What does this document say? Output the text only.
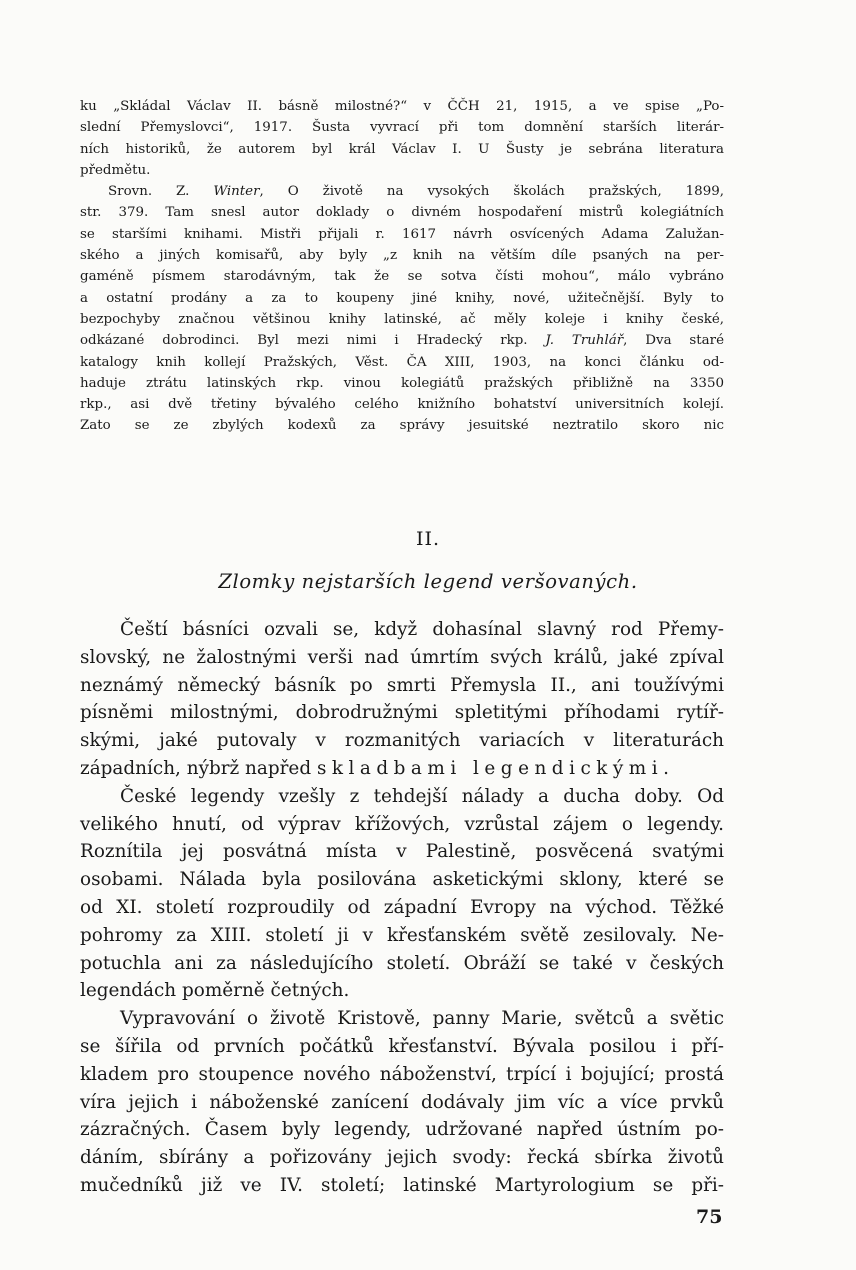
ku „Skládal Václav II. básně milostné?“ v ČČH 21, 1915, a ve spise „Po-
slední Přemyslovci“, 1917. Šusta vyvrací při tom domnění starších literár-
ních historiků, že autorem byl král Václav I. U Šusty je sebrána literatura
předmětu.

Srovn. Z. Winter, O životě na vysokých školách pražských, 1899,
str. 379. Tam snesl autor doklady o divném hospodaření mistrů kolegiátních
se staršími knihami. Mistři přijali r. 1617 návrh osvícených Adama Zalužan-
ského a jiných komisařů, aby byly „z knih na větším díle psaných na per-
gaméně písmem starodávným, tak že se sotva čísti mohou“, málo vybráno
a ostatní prodány a za to koupeny jiné knihy, nové, užitečnější. Byly to
bezpochyby značnou většinou knihy latinské, ač měly koleje i knihy české,
odkázané dobrodinci. Byl mezi nimi i Hradecký rkp. J. Truhlář, Dva staré
katalogy knih kollejí Pražských, Věst. ČA XIII, 1903, na konci článku od-
haduje ztrátu latinských rkp. vinou kolegiátů pražských přibližně na 3350
rkp., asi dvě třetiny bývalého celého knižního bohatství universitních kolejí.
Zato se ze zbylých kodexů za správy jesuitské neztratilo skoro nic

II.
Zlomky nejstarších legend veršovaných.
Čeští básníci ozvali se, když dohasínal slavný rod Přemy-
slovský, ne žalostnými verši nad úmrtím svých králů, jaké zpíval
neznámý německý básník po smrti Přemysla II., ani toužívými
písněmi milostnými, dobrodružnými spletitými příhodami rytíř-
skými, jaké putovaly v rozmanitých variacích v literaturách
západních, nýbrž napřed skladbami legendickými.
České legendy vzešly z tehdejší nálady a ducha doby. Od
velikého hnutí, od výprav křížových, vzrůstal zájem o legendy.
Roznítila jej posvátná místa v Palestině, posvěcená svatými
osobami. Nálada byla posilována asketickými sklony, které se
od XI. století rozproudily od západní Evropy na východ. Těžké
pohromy za XIII. století ji v křesťanském světě zesilovaly. Ne-
potuchla ani za následujícího století. Obráží se také v českých
legendách poměrně četných.
Vypravování o životě Kristově, panny Marie, světců a světic
se šířila od prvních počátků křesťanství. Bývala posilou i pří-
kladem pro stoupence nového náboženství, trpící i bojující; prostá
víra jejich i náboženské zanícení dodávaly jim víc a více prvků
zázračných. Časem byly legendy, udržované napřed ústním po-
dáním, sbírány a pořizovány jejich svody: řecká sbírka životů
mučedníků již ve IV. století; latinské Martyrologium se při-
75
